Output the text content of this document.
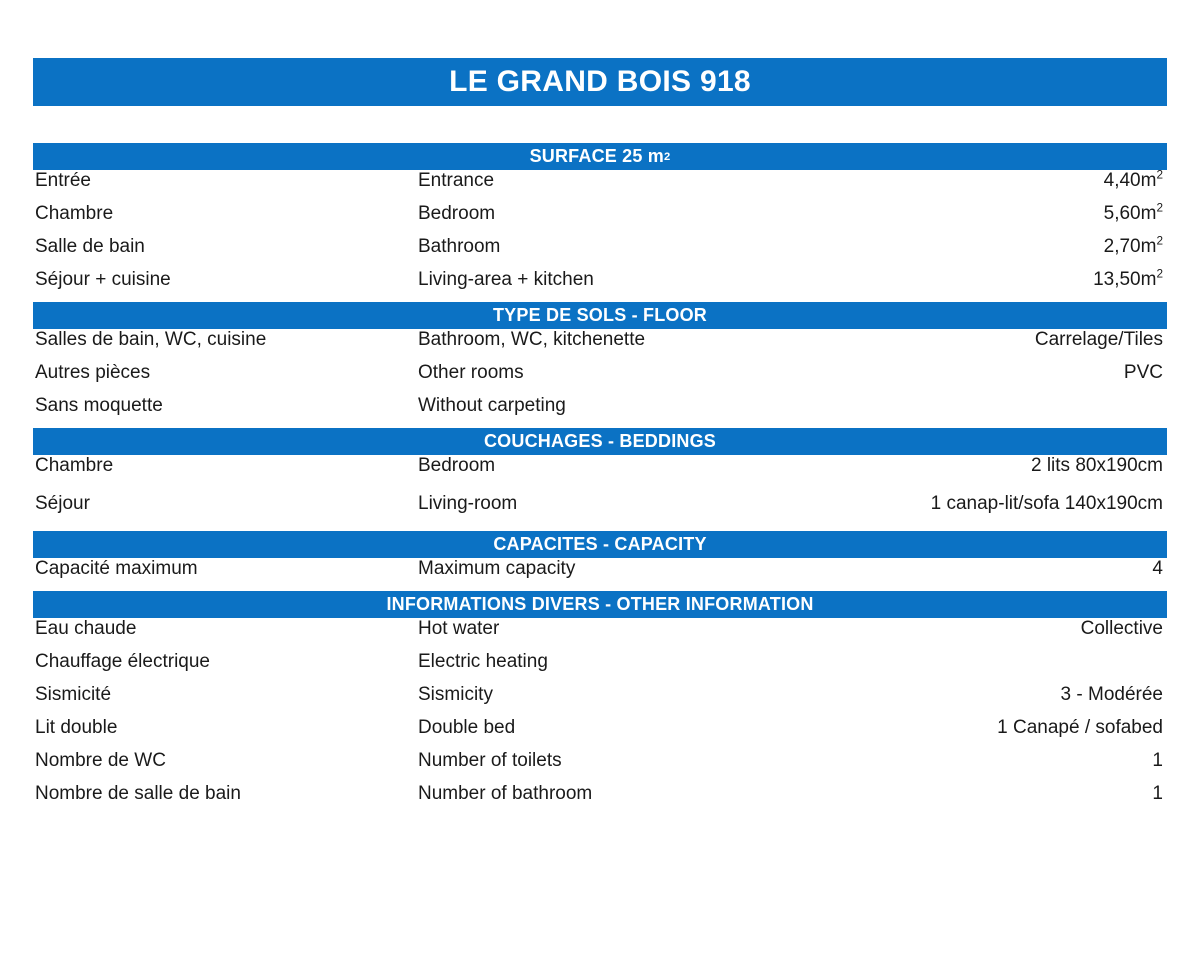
LE GRAND BOIS 918
SURFACE 25 m 2
Entrée	Entrance	$4,40m^2$
Chambre	Bedroom	$5,60m^2$
Salle de bain	Bathroom	$2,70m^2$
Séjour + cuisine	Living-area + kitchen	$13,50m^2$
TYPE DE SOLS - FLOOR
Salles de bain, WC, cuisine	Bathroom, WC, kitchenette	Carrelage/Tiles
Autres pièces	Other rooms	PVC
Sans moquette	Without carpeting
COUCHAGES - BEDDINGS
Chambre	Bedroom	2 lits 80x190cm
Séjour	Living-room	1 canap-lit/sofa 140x190cm
CAPACITES - CAPACITY
Capacité maximum	Maximum capacity	4
INFORMATIONS DIVERS - OTHER INFORMATION
Eau chaude	Hot water	Collective
Chauffage électrique	Electric heating
Sismicité	Sismicity	3 - Modérée
Lit double	Double bed	1 Canapé / sofabed
Nombre de WC	Number of toilets	1
Nombre de salle de bain	Number of bathroom	1
